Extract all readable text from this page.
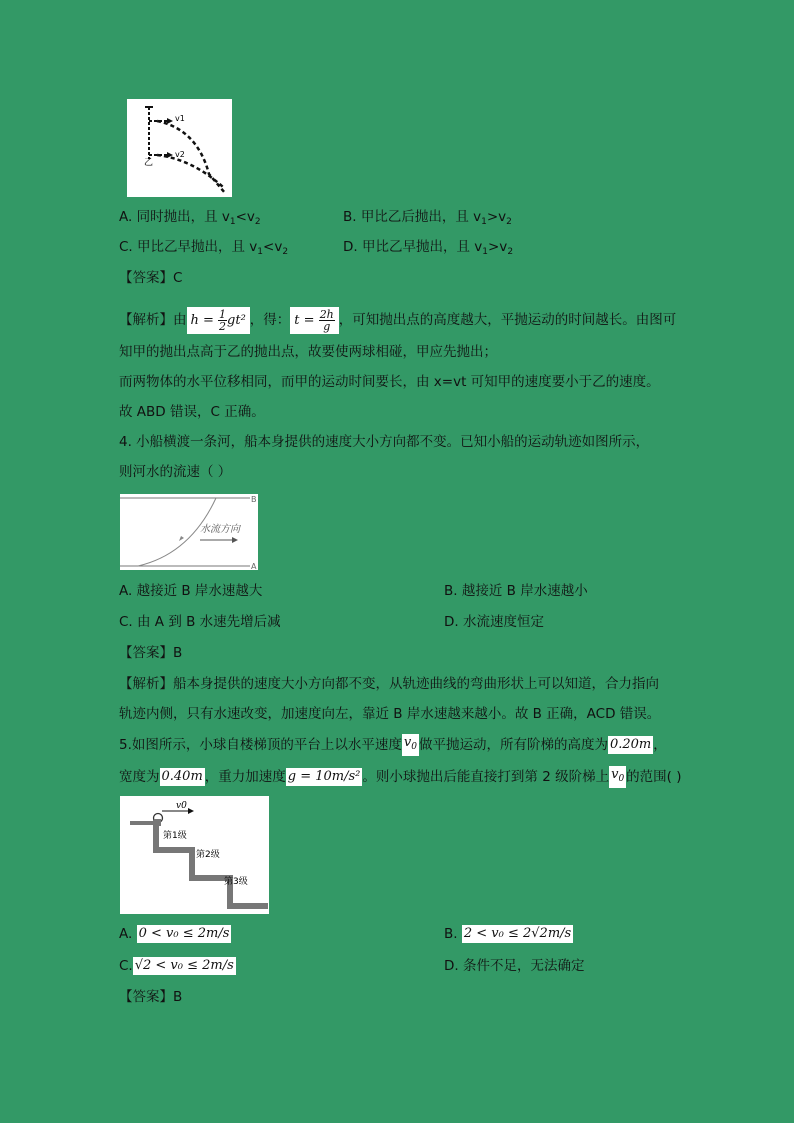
v1
v2
乙
A. 同时抛出，且 $v_1<v_2$	B. 甲比乙后抛出，且 $v_1>v_2$
C. 甲比乙早抛出，且 $v_1<v_2$	D. 甲比乙早抛出，且 $v_1>v_2$
【答案】C
【解析】由 $h = \frac{1}{2} gt^2$ ，得： $t = \frac{2h}{g}$ ，可知抛出点的高度越大，平抛运动的时间越长。由图可
知甲的抛出点高于乙的抛出点，故要使两球相碰，甲应先抛出；
而两物体的水平位移相同，而甲的运动时间要长，由 x=vt 可知甲的速度要小于乙的速度。
故 ABD 错误，C 正确。
4. 小船横渡一条河，船本身提供的速度大小方向都不变。已知小船的运动轨迹如图所示，
则河水的流速（ ）
B
A
水流方向
A. 越接近 B 岸水速越大	B. 越接近 B 岸水速越小
C. 由 A 到 B 水速先增后减	D. 水流速度恒定
【答案】B
【解析】船本身提供的速度大小方向都不变，从轨迹曲线的弯曲形状上可以知道，合力指向
轨迹内侧，只有水速改变，加速度向左，靠近 B 岸水速越来越小。故 B 正确，ACD 错误。
5.如图所示，小球自楼梯顶的平台上以水平速度 $v_0$ 做平抛运动，所有阶梯的高度为 0.20m ，
宽度为 0.40m ，重力加速度 g = 10m/s² 。则小球抛出后能直接打到第 2 级阶梯上 $v_0$ 的范围( )
v0
第1级
第2级
第3级
A. 0 < v₀ ≤ 2m/s	B. 2 < v₀ ≤ 2√2m/s
C. √2 < v₀ ≤ 2m/s	D. 条件不足，无法确定
【答案】B
